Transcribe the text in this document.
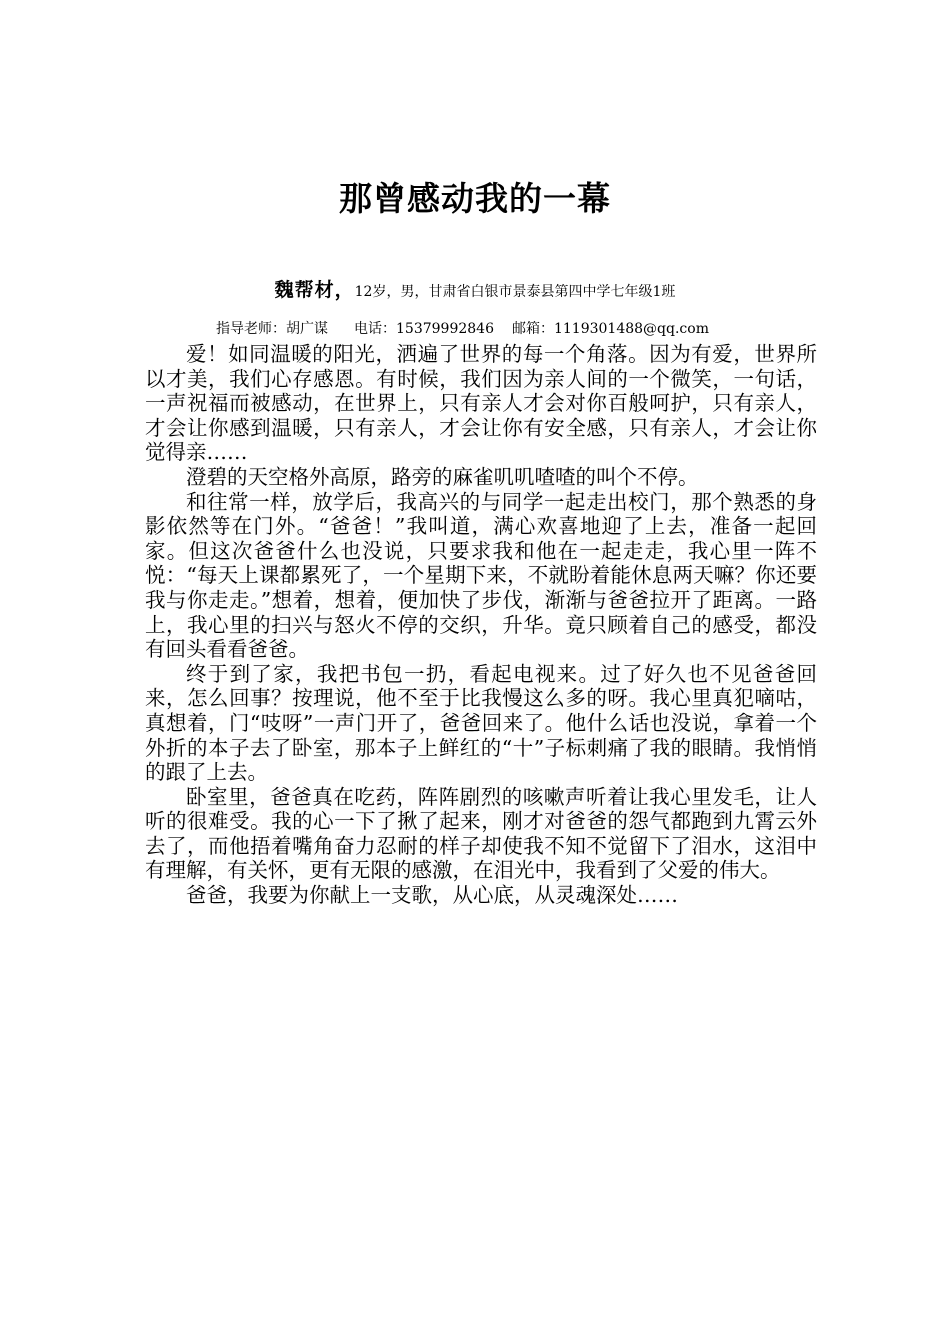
那曾感动我的一幕
魏帮材，12岁，男，甘肃省白银市景泰县第四中学七年级1班
指导老师：胡广谋 电话：15379992846 邮箱：1119301488@qq.com

爱！如同温暖的阳光，洒遍了世界的每一个角落。因为有爱，世界所以才美，我们心存感恩。有时候，我们因为亲人间的一个微笑，一句话，一声祝福而被感动，在世界上，只有亲人才会对你百般呵护，只有亲人，才会让你感到温暖，只有亲人，才会让你有安全感，只有亲人，才会让你觉得亲……

澄碧的天空格外高原，路旁的麻雀叽叽喳喳的叫个不停。

和往常一样，放学后，我高兴的与同学一起走出校门，那个熟悉的身影依然等在门外。“爸爸！”我叫道，满心欢喜地迎了上去，准备一起回家。但这次爸爸什么也没说，只要求我和他在一起走走，我心里一阵不悦：“每天上课都累死了，一个星期下来，不就盼着能休息两天嘛？你还要我与你走走。”想着，想着，便加快了步伐，渐渐与爸爸拉开了距离。一路上，我心里的扫兴与怒火不停的交织，升华。竟只顾着自己的感受，都没有回头看看爸爸。

终于到了家，我把书包一扔，看起电视来。过了好久也不见爸爸回来，怎么回事？按理说，他不至于比我慢这么多的呀。我心里真犯嘀咕，真想着，门“吱呀”一声门开了，爸爸回来了。他什么话也没说，拿着一个外折的本子去了卧室，那本子上鲜红的“十”子标刺痛了我的眼睛。我悄悄的跟了上去。

卧室里，爸爸真在吃药，阵阵剧烈的咳嗽声听着让我心里发毛，让人听的很难受。我的心一下了揪了起来，刚才对爸爸的怨气都跑到九霄云外去了，而他捂着嘴角奋力忍耐的样子却使我不知不觉留下了泪水，这泪中有理解，有关怀，更有无限的感激，在泪光中，我看到了父爱的伟大。

爸爸，我要为你献上一支歌，从心底，从灵魂深处……
